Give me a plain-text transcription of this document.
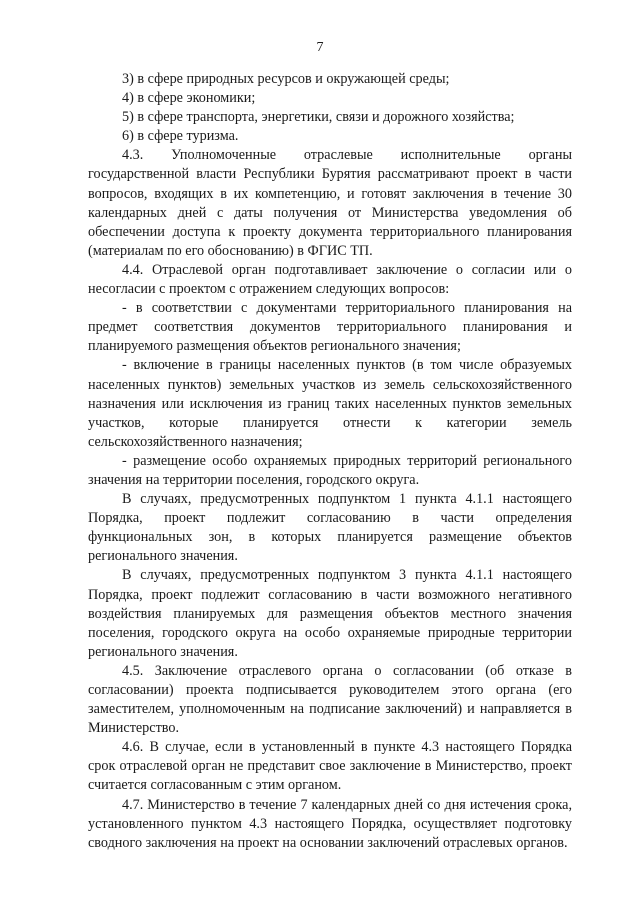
7

3) в сфере природных ресурсов и окружающей среды;

4) в сфере экономики;

5) в сфере транспорта, энергетики, связи и дорожного хозяйства;

6) в сфере туризма.

4.3. Уполномоченные отраслевые исполнительные органы государственной власти Республики Бурятия рассматривают проект в части вопросов, входящих в их компетенцию, и готовят заключения в течение 30 календарных дней с даты получения от Министерства уведомления об обеспечении доступа к проекту документа территориального планирования (материалам по его обоснованию) в ФГИС ТП.

4.4. Отраслевой орган подготавливает заключение о согласии или о несогласии с проектом с отражением следующих вопросов:

- в соответствии с документами территориального планирования на предмет соответствия документов территориального планирования и планируемого размещения объектов регионального значения;

- включение в границы населенных пунктов (в том числе образуемых населенных пунктов) земельных участков из земель сельскохозяйственного назначения или исключения из границ таких населенных пунктов земельных участков, которые планируется отнести к категории земель сельскохозяйственного назначения;

- размещение особо охраняемых природных территорий регионального значения на территории поселения, городского округа.

В случаях, предусмотренных подпунктом 1 пункта 4.1.1 настоящего Порядка, проект подлежит согласованию в части определения функциональных зон, в которых планируется размещение объектов регионального значения.

В случаях, предусмотренных подпунктом 3 пункта 4.1.1 настоящего Порядка, проект подлежит согласованию в части возможного негативного воздействия планируемых для размещения объектов местного значения поселения, городского округа на особо охраняемые природные территории регионального значения.

4.5. Заключение отраслевого органа о согласовании (об отказе в согласовании) проекта подписывается руководителем этого органа (его заместителем, уполномоченным на подписание заключений) и направляется в Министерство.

4.6. В случае, если в установленный в пункте 4.3 настоящего Порядка срок отраслевой орган не представит свое заключение в Министерство, проект считается согласованным с этим органом.

4.7. Министерство в течение 7 календарных дней со дня истечения срока, установленного пунктом 4.3 настоящего Порядка, осуществляет подготовку сводного заключения на проект на основании заключений отраслевых органов.
